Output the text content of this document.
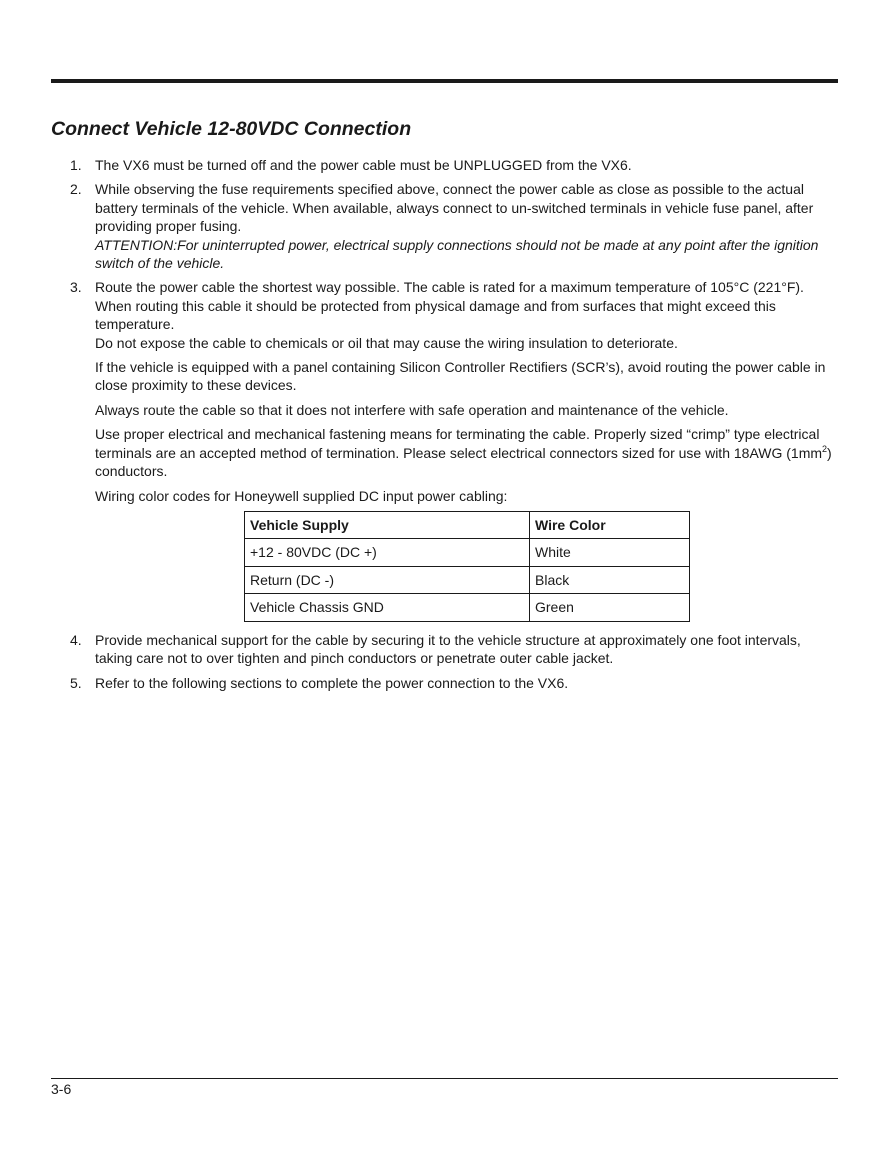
Connect Vehicle 12-80VDC Connection
1. The VX6 must be turned off and the power cable must be UNPLUGGED from the VX6.

2. While observing the fuse requirements specified above, connect the power cable as close as possible to the actual battery terminals of the vehicle. When available, always connect to un-switched terminals in vehicle fuse panel, after providing proper fusing.

ATTENTION:For uninterrupted power, electrical supply connections should not be made at any point after the ignition switch of the vehicle.

3. Route the power cable the shortest way possible. The cable is rated for a maximum temperature of 105°C (221°F). When routing this cable it should be protected from physical damage and from surfaces that might exceed this temperature.

Do not expose the cable to chemicals or oil that may cause the wiring insulation to deteriorate.

If the vehicle is equipped with a panel containing Silicon Controller Rectifiers (SCR’s), avoid routing the power cable in close proximity to these devices.

Always route the cable so that it does not interfere with safe operation and maintenance of the vehicle.

Use proper electrical and mechanical fastening means for terminating the cable. Properly sized “crimp” type electrical terminals are an accepted method of termination. Please select electrical connectors sized for use with 18AWG $(1mm^2)$ conductors.

Wiring color codes for Honeywell supplied DC input power cabling:

Vehicle Supply	Wire Color
+12 - 80VDC (DC +)	White
Return (DC -)	Black
Vehicle Chassis GND	Green
4. Provide mechanical support for the cable by securing it to the vehicle structure at approximately one foot intervals, taking care not to over tighten and pinch conductors or penetrate outer cable jacket.

5. Refer to the following sections to complete the power connection to the VX6.

3-6
